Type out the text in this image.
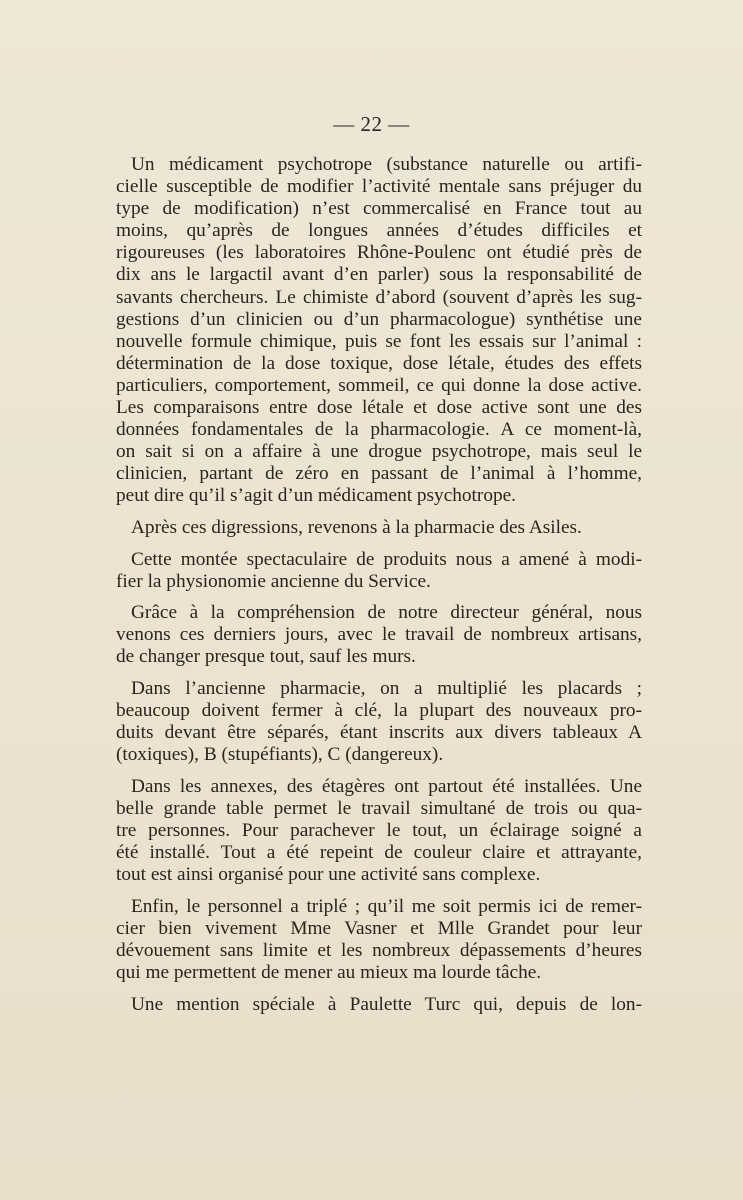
— 22 —
Un médicament psychotrope (substance naturelle ou artifi-
cielle susceptible de modifier l’activité mentale sans préjuger du
type de modification) n’est commercalisé en France tout au
moins, qu’après de longues années d’études difficiles et
rigoureuses (les laboratoires Rhône-Poulenc ont étudié près de
dix ans le largactil avant d’en parler) sous la responsabilité de
savants chercheurs. Le chimiste d’abord (souvent d’après les sug-
gestions d’un clinicien ou d’un pharmacologue) synthétise une
nouvelle formule chimique, puis se font les essais sur l’animal :
détermination de la dose toxique, dose létale, études des effets
particuliers, comportement, sommeil, ce qui donne la dose active.
Les comparaisons entre dose létale et dose active sont une des
données fondamentales de la pharmacologie. A ce moment-là,
on sait si on a affaire à une drogue psychotrope, mais seul le
clinicien, partant de zéro en passant de l’animal à l’homme,
peut dire qu’il s’agit d’un médicament psychotrope.
Après ces digressions, revenons à la pharmacie des Asiles.
Cette montée spectaculaire de produits nous a amené à modi-
fier la physionomie ancienne du Service.
Grâce à la compréhension de notre directeur général, nous
venons ces derniers jours, avec le travail de nombreux artisans,
de changer presque tout, sauf les murs.
Dans l’ancienne pharmacie, on a multiplié les placards ;
beaucoup doivent fermer à clé, la plupart des nouveaux pro-
duits devant être séparés, étant inscrits aux divers tableaux A
(toxiques), B (stupéfiants), C (dangereux).
Dans les annexes, des étagères ont partout été installées. Une
belle grande table permet le travail simultané de trois ou qua-
tre personnes. Pour parachever le tout, un éclairage soigné a
été installé. Tout a été repeint de couleur claire et attrayante,
tout est ainsi organisé pour une activité sans complexe.
Enfin, le personnel a triplé ; qu’il me soit permis ici de remer-
cier bien vivement Mme Vasner et Mlle Grandet pour leur
dévouement sans limite et les nombreux dépassements d’heures
qui me permettent de mener au mieux ma lourde tâche.
Une mention spéciale à Paulette Turc qui, depuis de lon-
